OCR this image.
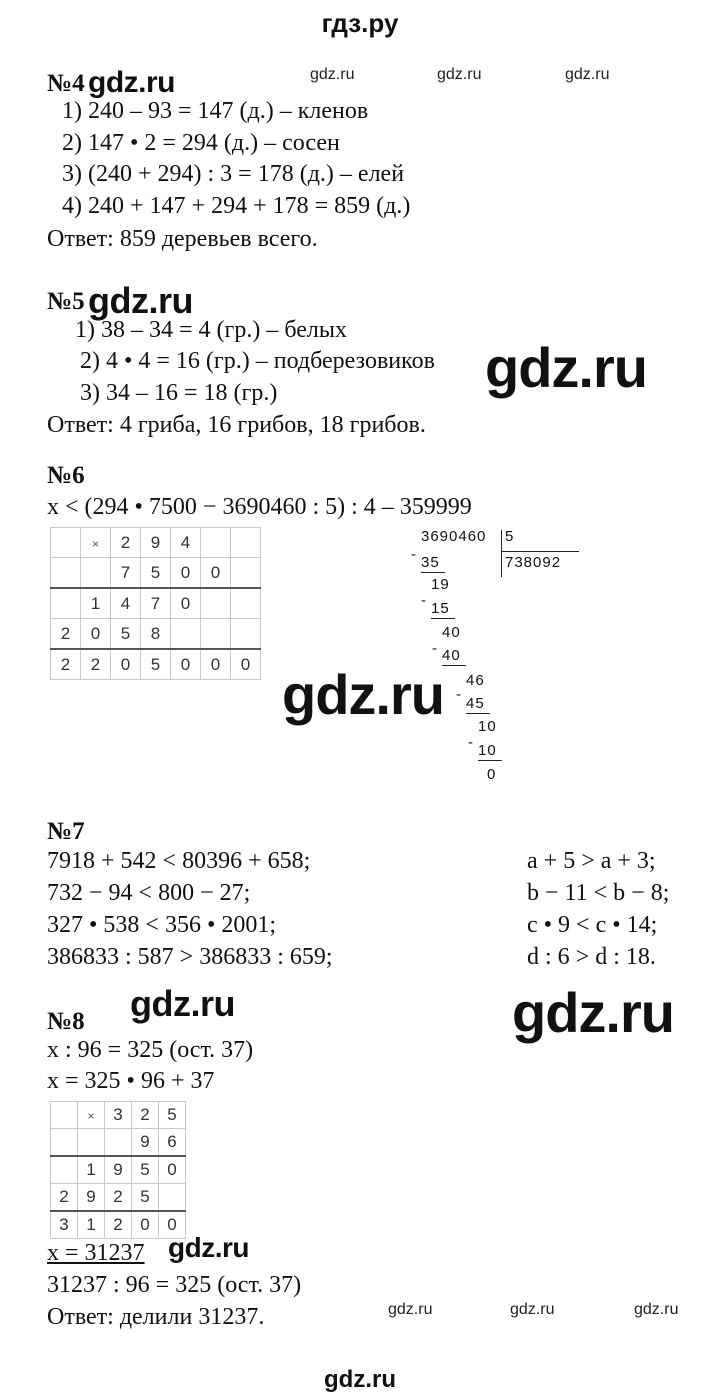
гдз.ру
№4 gdz.ru	gdz.ru	gdz.ru	gdz.ru
1) 240 – 93 = 147 (д.) – кленов
2) 147 • 2 = 294 (д.) – сосен
3) (240 + 294) : 3 = 178 (д.) – елей
4) 240 + 147 + 294 + 178 = 859 (д.)
Ответ: 859 деревьев всего.
№5 gdz.ru
1) 38 – 34 = 4 (гр.) – белых
2) 4 • 4 = 16 (гр.) – подберезовиков gdz.ru
3) 34 – 16 = 18 (гр.)
Ответ: 4 гриба, 16 грибов, 18 грибов.
№6
x < (294 • 7500 − 3690460 : 5) : 4 – 359999
	×	2	9	4		
		7	5	0	0	
	1	4	7	0		
2	0	5	8			
2	2	0	5	0	0	0
3690460 5
738092
- 35
19
- 15
40
- 40
46
-
45
10
- 10
0
gdz.ru
№7
7918 + 542 < 80396 + 658;
732 − 94 < 800 − 27;
327 • 538 < 356 • 2001;
386833 : 587 > 386833 : 659;
a + 5 > a + 3;
b − 11 < b − 8;
c • 9 < c • 14;
d : 6 > d : 18.
gdz.ru	gdz.ru
№8
x : 96 = 325 (ост. 37)
x = 325 • 96 + 37
	×	3	2	5
			9	6
	1	9	5	0
2	9	2	5	
3	1	2	0	0
x = 31237 gdz.ru
31237 : 96 = 325 (ост. 37)
Ответ: делили 31237.	gdz.ru	gdz.ru	gdz.ru
gdz.ru
